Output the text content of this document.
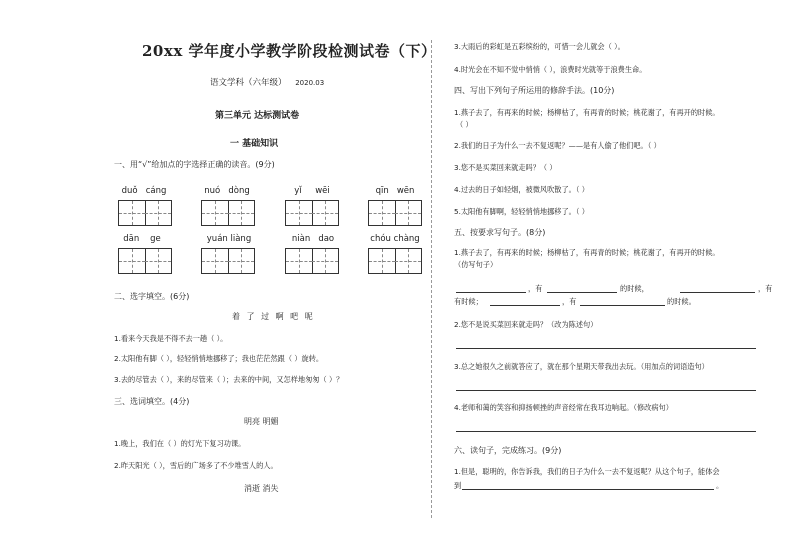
20xx 学年度小学教学阶段检测试卷（下）
语文学科（六年级） 2020.03
第三单元 达标测试卷
一 基础知识
一、用“√”给加点的字选择正确的读音。(9分)
duǒ cáng	nuó dòng	yǐ wēi	qīn wēn
dān ge	yuán liàng	niàn dao	chóu chàng
二、选字填空。(6分)
着 了 过 啊 吧 呢
1.看来今天我是不得不去一趟（ ）。
2.太阳他有脚（ ），轻轻悄悄地挪移了；我也茫茫然跟（ ）旋转。
3.去的尽管去（ ），来的尽管来（ ）；去来的中间，又怎样地匆匆（ ）？
三、选词填空。(4分)
明亮 明媚
1.晚上，我们在（ ）的灯光下复习功课。
2.昨天阳光（ ），雪后的广场多了不少堆雪人的人。
消逝 消失
3.大雨后的彩虹是五彩缤纷的，可惜一会儿就会（ ）。
4.时光会在不知不觉中悄悄（ ），浪费时光就等于浪费生命。
四、写出下列句子所运用的修辞手法。(10分)
1.燕子去了，有再来的时候；杨柳枯了，有再青的时候；桃花谢了，有再开的时候。
（ ）
2.我们的日子为什么一去不复返呢？——是有人偷了他们吧。（ ）
3.您不是买菜回来就走吗？（ ）
4.过去的日子如轻烟，被微风吹散了。（ ）
5.太阳他有脚啊，轻轻悄悄地挪移了。（ ）
五、按要求写句子。(8分)
1.燕子去了，有再来的时候；杨柳枯了，有再青的时候；桃花谢了，有再开的时候。
（仿写句子）
，有	的时候，	，有
有时候；	，有	的时候。
2.您不是说买菜回来就走吗？（改为陈述句）
3.总之她很久之前就答应了，就在那个星期天带我出去玩。（用加点的词语造句）
4.老师和蔼的笑容和抑扬顿挫的声音经常在我耳边响起。（修改病句）
六、读句子，完成练习。(9分)
1.但是，聪明的，你告诉我，我们的日子为什么一去不复返呢？从这个句子，能体会
到	。
